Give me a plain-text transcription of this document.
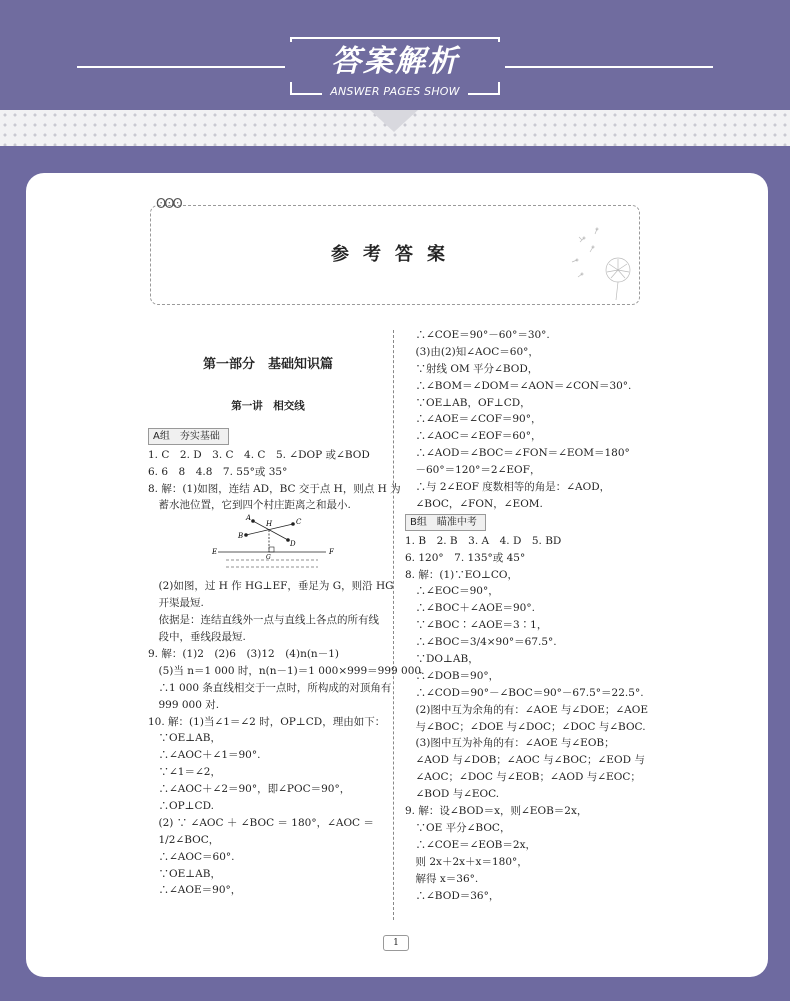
答案解析
ANSWER PAGES SHOW
ʘʘʘ
参考答案
第一部分　基础知识篇
第一讲　相交线
A组　夯实基础
1. C　2. D　3. C　4. C　5. ∠DOP 或∠BOD
6. 6　8　4.8　7. 55°或 35°
8. 解：(1)如图，连结 AD，BC 交于点 H，则点 H 为
　蓄水池位置，它到四个村庄距离之和最小.
A
B
C
D
H
E	F
G
　(2)如图，过 H 作 HG⊥EF，垂足为 G，则沿 HG
　开渠最短.
　依据是：连结直线外一点与直线上各点的所有线
　段中，垂线段最短.
9. 解：(1)2　(2)6　(3)12　(4)n(n－1)
　(5)当 n＝1 000 时，n(n－1)＝1 000×999＝999 000.
　∴1 000 条直线相交于一点时，所构成的对顶角有
　999 000 对.
10. 解：(1)当∠1＝∠2 时，OP⊥CD，理由如下：
　∵OE⊥AB，
　∴∠AOC＋∠1＝90°.
　∵∠1＝∠2，
　∴∠AOC＋∠2＝90°，即∠POC＝90°，
　∴OP⊥CD.
　(2) ∵ ∠AOC ＋ ∠BOC ＝ 180°，∠AOC ＝
　1/2∠BOC，
　∴∠AOC＝60°.
　∵OE⊥AB，
　∴∠AOE＝90°，
　∴∠COE＝90°－60°＝30°.
　(3)由(2)知∠AOC＝60°，
　∵射线 OM 平分∠BOD，
　∴∠BOM＝∠DOM＝∠AON＝∠CON＝30°.
　∵OE⊥AB，OF⊥CD，
　∴∠AOE＝∠COF＝90°，
　∴∠AOC＝∠EOF＝60°，
　∴∠AOD＝∠BOC＝∠FON＝∠EOM＝180°
　－60°＝120°＝2∠EOF，
　∴与 2∠EOF 度数相等的角是：∠AOD，
　∠BOC，∠FON，∠EOM.
B组　瞄准中考
1. B　2. B　3. A　4. D　5. BD
6. 120°　7. 135°或 45°
8. 解：(1)∵EO⊥CO，
　∴∠EOC＝90°，
　∴∠BOC＋∠AOE＝90°.
　∵∠BOC∶∠AOE＝3∶1，
　∴∠BOC＝3/4×90°＝67.5°.
　∵DO⊥AB，
　∴∠DOB＝90°，
　∴∠COD＝90°－∠BOC＝90°－67.5°＝22.5°.
　(2)图中互为余角的有：∠AOE 与∠DOE；∠AOE
　与∠BOC；∠DOE 与∠DOC；∠DOC 与∠BOC.
　(3)图中互为补角的有：∠AOE 与∠EOB；
　∠AOD 与∠DOB；∠AOC 与∠BOC；∠EOD 与
　∠AOC；∠DOC 与∠EOB；∠AOD 与∠EOC；
　∠BOD 与∠EOC.
9. 解：设∠BOD＝x，则∠EOB＝2x，
　∵OE 平分∠BOC，
　∴∠COE＝∠EOB＝2x，
　则 2x＋2x＋x＝180°，
　解得 x＝36°.
　∴∠BOD＝36°，
1
